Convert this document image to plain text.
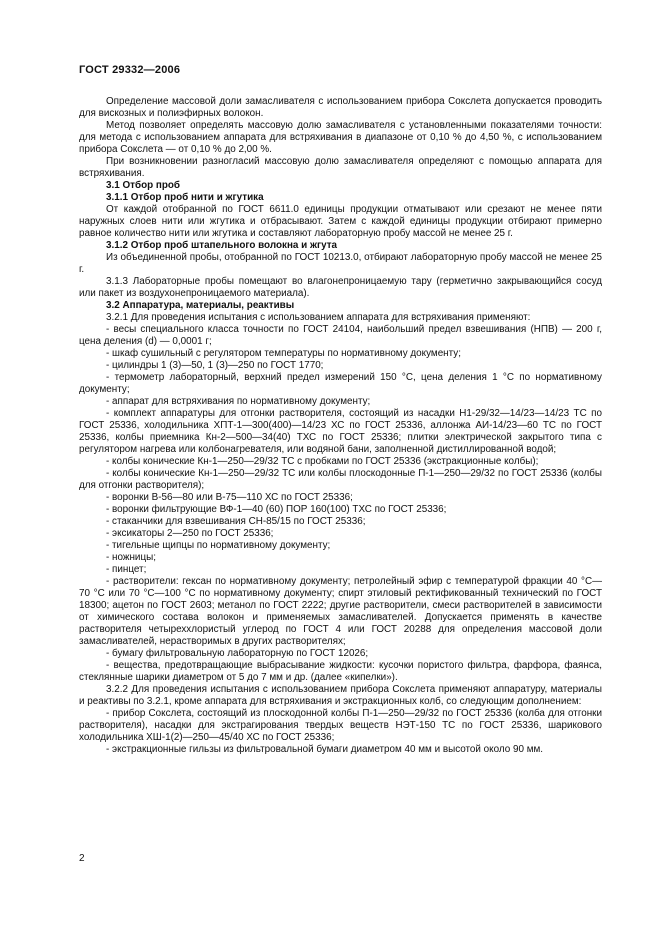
ГОСТ 29332—2006

Определение массовой доли замасливателя с использованием прибора Сокслета допускается проводить для вискозных и полиэфирных волокон.

Метод позволяет определять массовую долю замасливателя с установленными показателями точности: для метода с использованием аппарата для встряхивания в диапазоне от 0,10 % до 4,50 %, с использованием прибора Сокслета — от 0,10 % до 2,00 %.

При возникновении разногласий массовую долю замасливателя определяют с помощью аппарата для встряхивания.

3.1 Отбор проб

3.1.1 Отбор проб нити и жгутика

От каждой отобранной по ГОСТ 6611.0 единицы продукции отматывают или срезают не менее пяти наружных слоев нити или жгутика и отбрасывают. Затем с каждой единицы продукции отбирают примерно равное количество нити или жгутика и составляют лабораторную пробу массой не менее 25 г.

3.1.2 Отбор проб штапельного волокна и жгута

Из объединенной пробы, отобранной по ГОСТ 10213.0, отбирают лабораторную пробу массой не менее 25 г.

3.1.3 Лабораторные пробы помещают во влагонепроницаемую тару (герметично закрывающийся сосуд или пакет из воздухонепроницаемого материала).

3.2 Аппаратура, материалы, реактивы

3.2.1 Для проведения испытания с использованием аппарата для встряхивания применяют:

- весы специального класса точности по ГОСТ 24104, наибольший предел взвешивания (НПВ) — 200 г, цена деления (d) — 0,0001 г;

- шкаф сушильный с регулятором температуры по нормативному документу;

- цилиндры 1 (3)—50, 1 (3)—250 по ГОСТ 1770;

- термометр лабораторный, верхний предел измерений 150 °С, цена деления 1 °С по нормативному документу;

- аппарат для встряхивания по нормативному документу;

- комплект аппаратуры для отгонки растворителя, состоящий из насадки Н1-29/32—14/23—14/23 ТС по ГОСТ 25336, холодильника ХПТ-1—300(400)—14/23 ХС по ГОСТ 25336, аллонжа АИ-14/23—60 ТС по ГОСТ 25336, колбы приемника Кн-2—500—34(40) ТХС по ГОСТ 25336; плитки электрической закрытого типа с регулятором нагрева или колбонагревателя, или водяной бани, заполненной дистиллированной водой;

- колбы конические Кн-1—250—29/32 ТС с пробками по ГОСТ 25336 (экстракционные колбы);

- колбы конические Кн-1—250—29/32 ТС или колбы плоскодонные П-1—250—29/32 по ГОСТ 25336 (колбы для отгонки растворителя);

- воронки В-56—80 или В-75—110 ХС по ГОСТ 25336;

- воронки фильтрующие ВФ-1—40 (60) ПОР 160(100) ТХС по ГОСТ 25336;

- стаканчики для взвешивания СН-85/15 по ГОСТ 25336;

- эксикаторы 2—250 по ГОСТ 25336;

- тигельные щипцы по нормативному документу;

- ножницы;

- пинцет;

- растворители: гексан по нормативному документу; петролейный эфир с температурой фракции 40 °С—70 °С или 70 °С—100 °С по нормативному документу; спирт этиловый ректификованный технический по ГОСТ 18300; ацетон по ГОСТ 2603; метанол по ГОСТ 2222; другие растворители, смеси растворителей в зависимости от химического состава волокон и применяемых замасливателей. Допускается применять в качестве растворителя четыреххлористый углерод по ГОСТ 4 или ГОСТ 20288 для определения массовой доли замасливателей, нерастворимых в других растворителях;

- бумагу фильтровальную лабораторную по ГОСТ 12026;

- вещества, предотвращающие выбрасывание жидкости: кусочки пористого фильтра, фарфора, фаянса, стеклянные шарики диаметром от 5 до 7 мм и др. (далее «кипелки»).

3.2.2 Для проведения испытания с использованием прибора Сокслета применяют аппаратуру, материалы и реактивы по 3.2.1, кроме аппарата для встряхивания и экстракционных колб, со следующим дополнением:

- прибор Сокслета, состоящий из плоскодонной колбы П-1—250—29/32 по ГОСТ 25336 (колба для отгонки растворителя), насадки для экстрагирования твердых веществ НЭТ-150 ТС по ГОСТ 25336, шарикового холодильника ХШ-1(2)—250—45/40 ХС по ГОСТ 25336;

- экстракционные гильзы из фильтровальной бумаги диаметром 40 мм и высотой около 90 мм.

2
